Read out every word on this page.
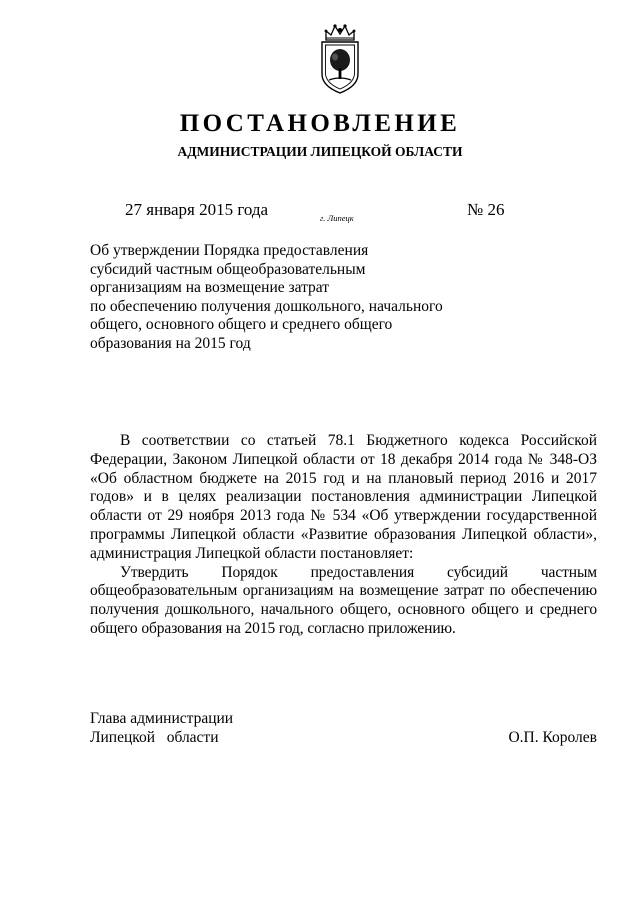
ПОСТАНОВЛЕНИЕ
АДМИНИСТРАЦИИ ЛИПЕЦКОЙ ОБЛАСТИ
27 января 2015 года	г. Липецк	№ 26
Об утверждении Порядка предоставления
субсидий частным общеобразовательным
организациям на возмещение затрат
по обеспечению получения дошкольного, начального
общего, основного общего и среднего общего
образования на 2015 год

В соответствии со статьей 78.1 Бюджетного кодекса Российской Федерации, Законом Липецкой области от 18 декабря 2014 года № 348-ОЗ «Об областном бюджете на 2015 год и на плановый период 2016 и 2017 годов» и в целях реализации постановления администрации Липецкой области от 29 ноября 2013 года № 534 «Об утверждении государственной программы Липецкой области «Развитие образования Липецкой области», администрация Липецкой области постановляет:

Утвердить Порядок предоставления субсидий частным общеобразовательным организациям на возмещение затрат по обеспечению получения дошкольного, начального общего, основного общего и среднего общего образования на 2015 год, согласно приложению.

Глава администрации
Липецкой   области	О.П. Королев
